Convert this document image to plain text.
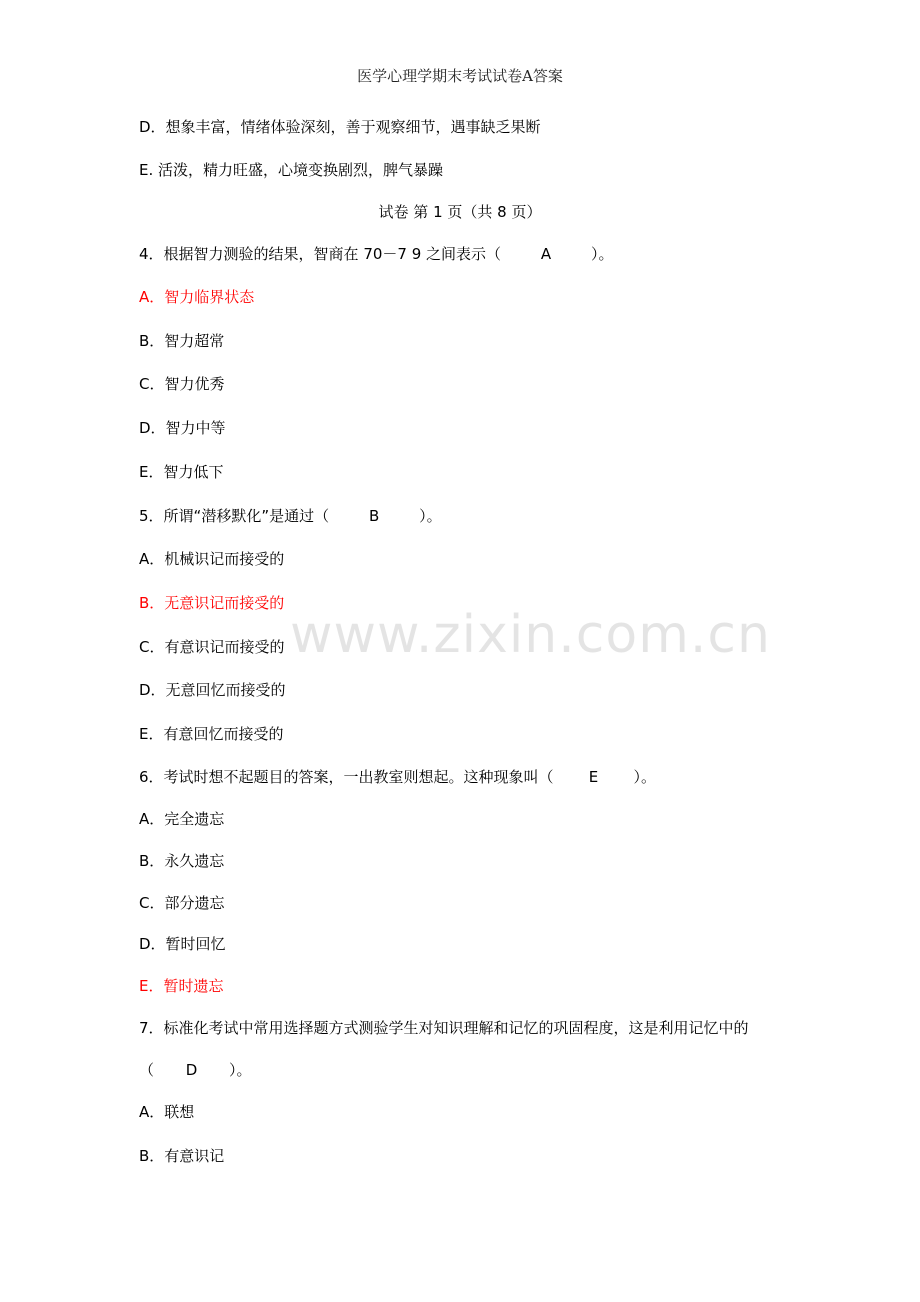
医学心理学期末考试试卷A答案
D．想象丰富，情绪体验深刻，善于观察细节，遇事缺乏果断
E. 活泼，精力旺盛，心境变换剧烈，脾气暴躁
试卷 第 1 页（共 8 页）
4．根据智力测验的结果，智商在 70－7 9 之间表示（	A	）。
A．智力临界状态
B．智力超常
C．智力优秀
D．智力中等
E．智力低下
5．所谓“潜移默化”是通过（	B	）。
A．机械识记而接受的
B．无意识记而接受的
C．有意识记而接受的
D．无意回忆而接受的
E．有意回忆而接受的
6．考试时想不起题目的答案，一出教室则想起。这种现象叫（ E ）。
A．完全遗忘
B．永久遗忘
C．部分遗忘
D．暂时回忆
E．暂时遗忘
7．标准化考试中常用选择题方式测验学生对知识理解和记忆的巩固程度，这是利用记忆中的
（ D ）。
A．联想
B．有意识记
www.zixin.com.cn
